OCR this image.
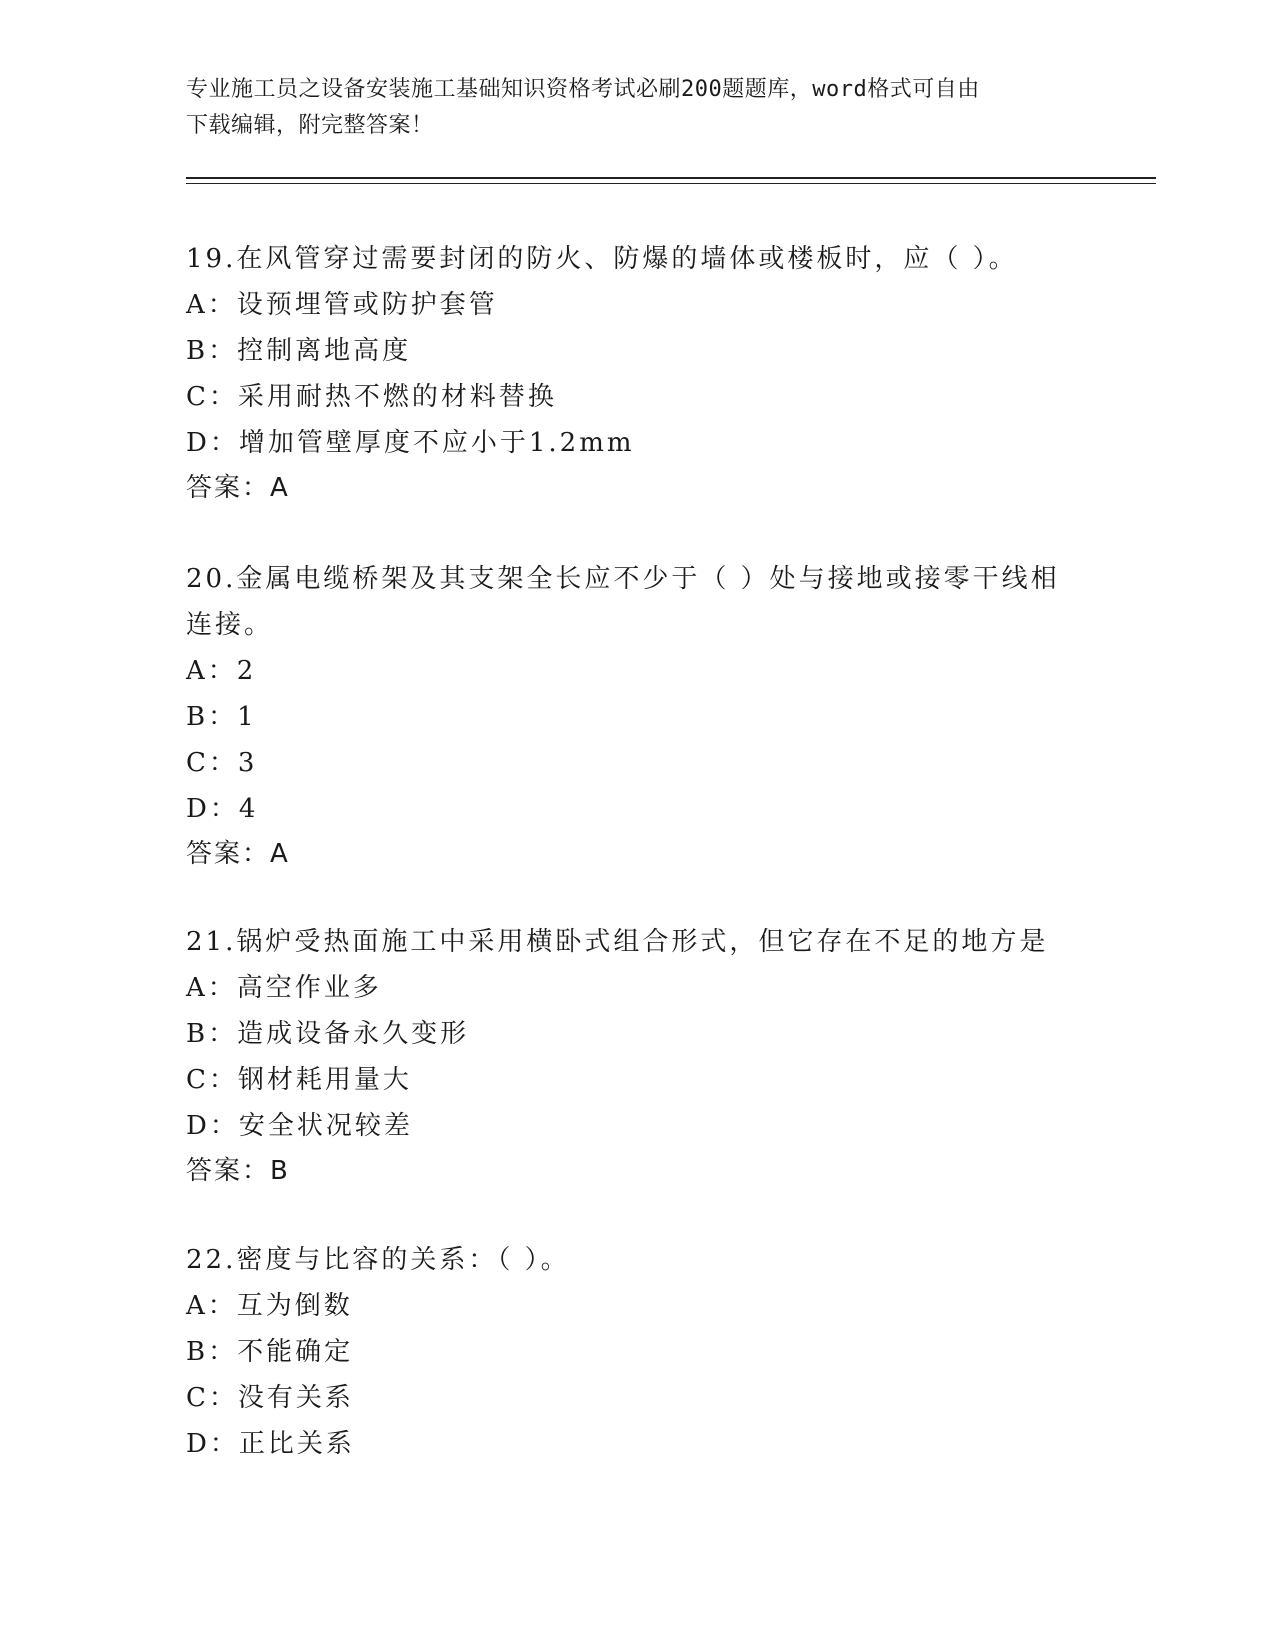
专业施工员之设备安装施工基础知识资格考试必刷200题题库，word格式可自由
下载编辑，附完整答案！

19.在风管穿过需要封闭的防火、防爆的墙体或楼板时，应（ ）。

A：设预埋管或防护套管

B：控制离地高度

C：采用耐热不燃的材料替换

D：增加管壁厚度不应小于1.2mm

答案：A

20.金属电缆桥架及其支架全长应不少于（ ）处与接地或接零干线相

连接。

A：2

B：1

C：3

D：4

答案：A

21.锅炉受热面施工中采用横卧式组合形式，但它存在不足的地方是

A：高空作业多

B：造成设备永久变形

C：钢材耗用量大

D：安全状况较差

答案：B

22.密度与比容的关系：（ ）。

A：互为倒数

B：不能确定

C：没有关系

D：正比关系
